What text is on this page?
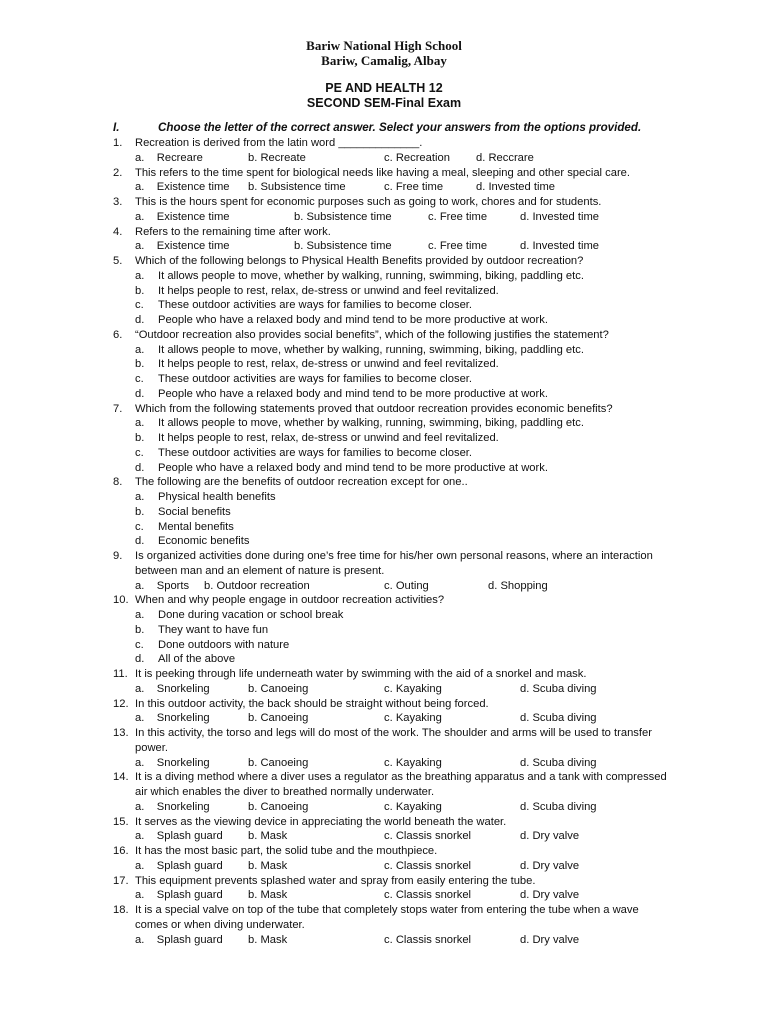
Bariw National High School
Bariw, Camalig, Albay
PE AND HEALTH 12
SECOND SEM-Final Exam
I.	Choose the letter of the correct answer. Select your answers from the options provided.
1.	Recreation is derived from the latin word _____________.
a. Recreare	b. Recreate	c. Recreation d. Reccrare
2.	This refers to the time spent for biological needs like having a meal, sleeping and other special care.
a. Existence time b. Subsistence time	c. Free time	d. Invested time
3.	This is the hours spent for economic purposes such as going to work, chores and for students.
a. Existence time	b. Subsistence time	c. Free time	d. Invested time
4.	Refers to the remaining time after work.
a. Existence time	b. Subsistence time	c. Free time	d. Invested time
5.	Which of the following belongs to Physical Health Benefits provided by outdoor recreation?
a.	It allows people to move, whether by walking, running, swimming, biking, paddling etc.
b.	It helps people to rest, relax, de-stress or unwind and feel revitalized.
c.	These outdoor activities are ways for families to become closer.
d.	People who have a relaxed body and mind tend to be more productive at work.
6.	“Outdoor recreation also provides social benefits”, which of the following justifies the statement?
a.	It allows people to move, whether by walking, running, swimming, biking, paddling etc.
b.	It helps people to rest, relax, de-stress or unwind and feel revitalized.
c.	These outdoor activities are ways for families to become closer.
d.	People who have a relaxed body and mind tend to be more productive at work.
7.	Which from the following statements proved that outdoor recreation provides economic benefits?
a.	It allows people to move, whether by walking, running, swimming, biking, paddling etc.
b.	It helps people to rest, relax, de-stress or unwind and feel revitalized.
c.	These outdoor activities are ways for families to become closer.
d.	People who have a relaxed body and mind tend to be more productive at work.
8.	The following are the benefits of outdoor recreation except for one..
a.	Physical health benefits
b.	Social benefits
c.	Mental benefits
d.	Economic benefits
9.	Is organized activities done during one’s free time for his/her own personal reasons, where an interaction between man and an element of nature is present.
a. Sports b. Outdoor recreation	c. Outing	d. Shopping
10. When and why people engage in outdoor recreation activities?
a.	Done during vacation or school break
b.	They want to have fun
c.	Done outdoors with nature
d.	All of the above
11. It is peeking through life underneath water by swimming with the aid of a snorkel and mask.
a. Snorkeling	b. Canoeing	c. Kayaking	d. Scuba diving
12. In this outdoor activity, the back should be straight without being forced.
a. Snorkeling	b. Canoeing	c. Kayaking	d. Scuba diving
13. In this activity, the torso and legs will do most of the work. The shoulder and arms will be used to transfer power.
a. Snorkeling	b. Canoeing	c. Kayaking	d. Scuba diving
14. It is a diving method where a diver uses a regulator as the breathing apparatus and a tank with compressed air which enables the diver to breathed normally underwater.
a. Snorkeling	b. Canoeing	c. Kayaking	d. Scuba diving
15. It serves as the viewing device in appreciating the world beneath the water.
a. Splash guard b. Mask	c. Classis snorkel	d. Dry valve
16. It has the most basic part, the solid tube and the mouthpiece.
a. Splash guard b. Mask	c. Classis snorkel	d. Dry valve
17. This equipment prevents splashed water and spray from easily entering the tube.
a. Splash guard b. Mask	c. Classis snorkel	d. Dry valve
18. It is a special valve on top of the tube that completely stops water from entering the tube when a wave comes or when diving underwater.
a. Splash guard b. Mask	c. Classis snorkel	d. Dry valve
